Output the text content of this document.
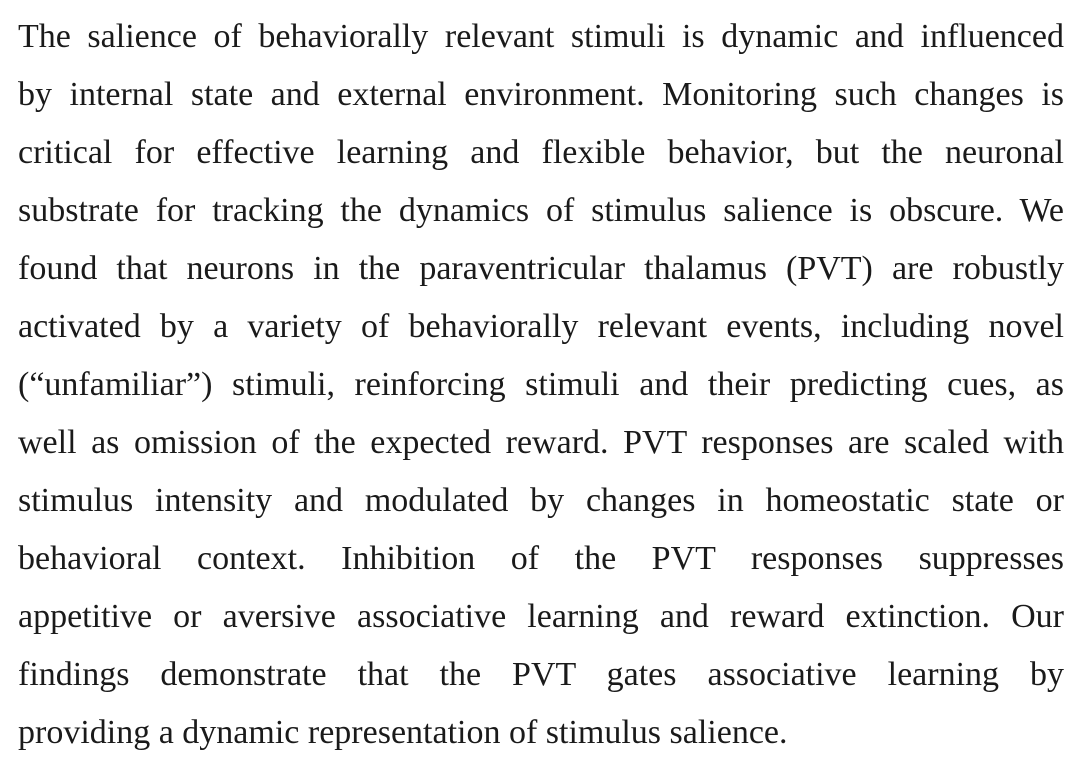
The salience of behaviorally relevant stimuli is dynamic and influenced
by internal state and external environment. Monitoring such changes is
critical for effective learning and flexible behavior, but the neuronal
substrate for tracking the dynamics of stimulus salience is obscure. We
found that neurons in the paraventricular thalamus (PVT) are robustly
activated by a variety of behaviorally relevant events, including novel
(“unfamiliar”) stimuli, reinforcing stimuli and their predicting cues, as
well as omission of the expected reward. PVT responses are scaled with
stimulus intensity and modulated by changes in homeostatic state or
behavioral context. Inhibition of the PVT responses suppresses
appetitive or aversive associative learning and reward extinction. Our
findings demonstrate that the PVT gates associative learning by
providing a dynamic representation of stimulus salience.
